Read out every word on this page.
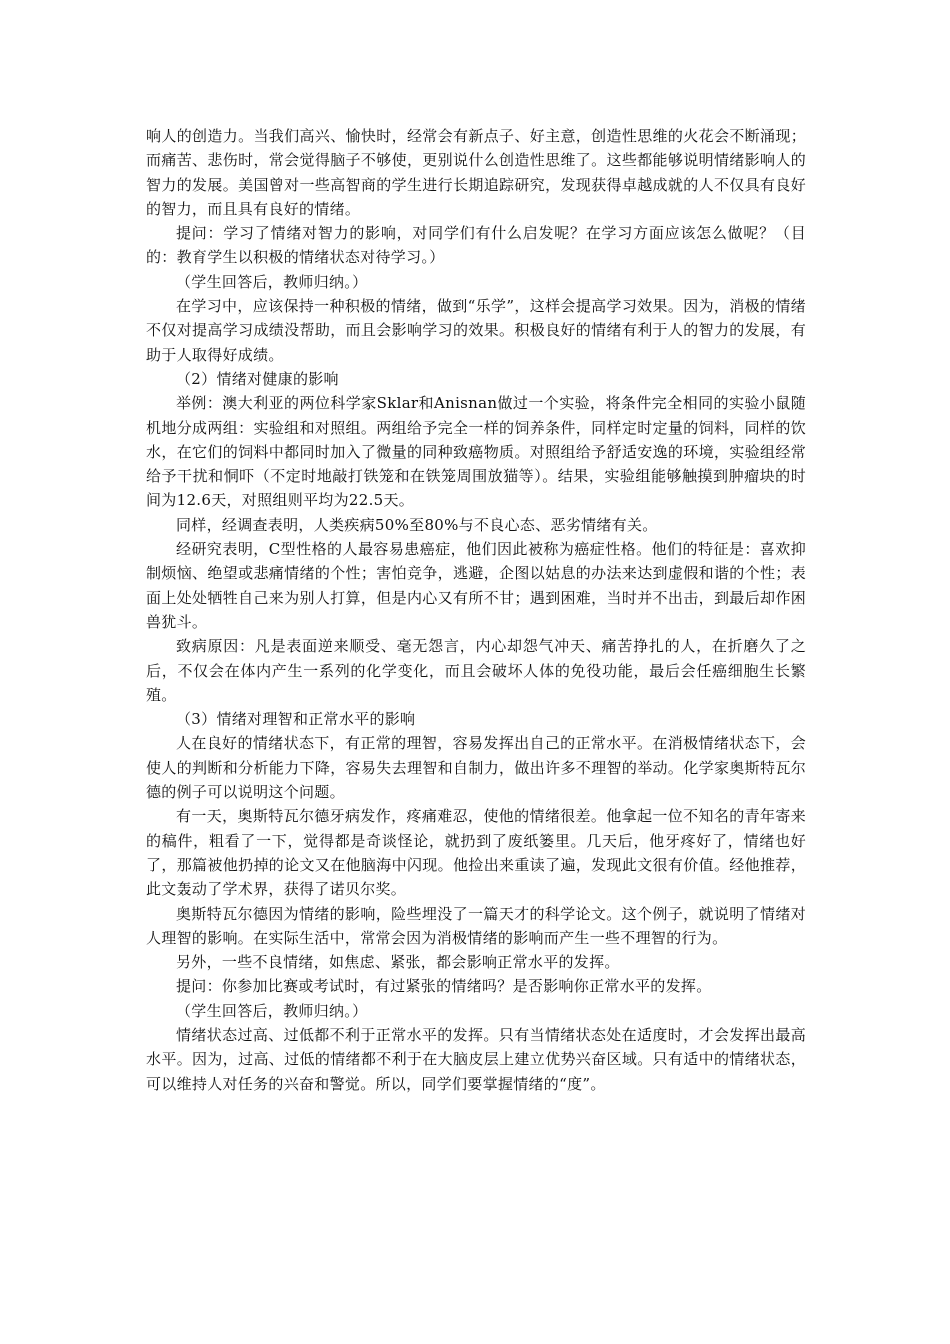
响人的创造力。当我们高兴、愉快时，经常会有新点子、好主意，创造性思维的火花会不断涌现；而痛苦、悲伤时，常会觉得脑子不够使，更别说什么创造性思维了。这些都能够说明情绪影响人的智力的发展。美国曾对一些高智商的学生进行长期追踪研究，发现获得卓越成就的人不仅具有良好的智力，而且具有良好的情绪。

提问：学习了情绪对智力的影响，对同学们有什么启发呢？在学习方面应该怎么做呢？（目的：教育学生以积极的情绪状态对待学习。）

（学生回答后，教师归纳。）

在学习中，应该保持一种积极的情绪，做到“乐学”，这样会提高学习效果。因为，消极的情绪不仅对提高学习成绩没帮助，而且会影响学习的效果。积极良好的情绪有利于人的智力的发展，有助于人取得好成绩。

（2）情绪对健康的影响

举例：澳大利亚的两位科学家Sklar和Anisnan做过一个实验，将条件完全相同的实验小鼠随机地分成两组：实验组和对照组。两组给予完全一样的饲养条件，同样定时定量的饲料，同样的饮水，在它们的饲料中都同时加入了微量的同种致癌物质。对照组给予舒适安逸的环境，实验组经常给予干扰和恫吓（不定时地敲打铁笼和在铁笼周围放猫等）。结果，实验组能够触摸到肿瘤块的时间为12.6天，对照组则平均为22.5天。

同样，经调查表明，人类疾病50%至80%与不良心态、恶劣情绪有关。

经研究表明，C型性格的人最容易患癌症，他们因此被称为癌症性格。他们的特征是：喜欢抑制烦恼、绝望或悲痛情绪的个性；害怕竞争，逃避，企图以姑息的办法来达到虚假和谐的个性；表面上处处牺牲自己来为别人打算，但是内心又有所不甘；遇到困难，当时并不出击，到最后却作困兽犹斗。

致病原因：凡是表面逆来顺受、毫无怨言，内心却怨气冲天、痛苦挣扎的人，在折磨久了之后，不仅会在体内产生一系列的化学变化，而且会破坏人体的免役功能，最后会任癌细胞生长繁殖。

（3）情绪对理智和正常水平的影响

人在良好的情绪状态下，有正常的理智，容易发挥出自己的正常水平。在消极情绪状态下，会使人的判断和分析能力下降，容易失去理智和自制力，做出许多不理智的举动。化学家奥斯特瓦尔德的例子可以说明这个问题。

有一天，奥斯特瓦尔德牙病发作，疼痛难忍，使他的情绪很差。他拿起一位不知名的青年寄来的稿件，粗看了一下，觉得都是奇谈怪论，就扔到了废纸篓里。几天后，他牙疼好了，情绪也好了，那篇被他扔掉的论文又在他脑海中闪现。他捡出来重读了遍，发现此文很有价值。经他推荐，此文轰动了学术界，获得了诺贝尔奖。

奥斯特瓦尔德因为情绪的影响，险些埋没了一篇天才的科学论文。这个例子，就说明了情绪对人理智的影响。在实际生活中，常常会因为消极情绪的影响而产生一些不理智的行为。

另外，一些不良情绪，如焦虑、紧张，都会影响正常水平的发挥。

提问：你参加比赛或考试时，有过紧张的情绪吗？是否影响你正常水平的发挥。

（学生回答后，教师归纳。）

情绪状态过高、过低都不利于正常水平的发挥。只有当情绪状态处在适度时，才会发挥出最高水平。因为，过高、过低的情绪都不利于在大脑皮层上建立优势兴奋区域。只有适中的情绪状态，可以维持人对任务的兴奋和警觉。所以，同学们要掌握情绪的“度”。
